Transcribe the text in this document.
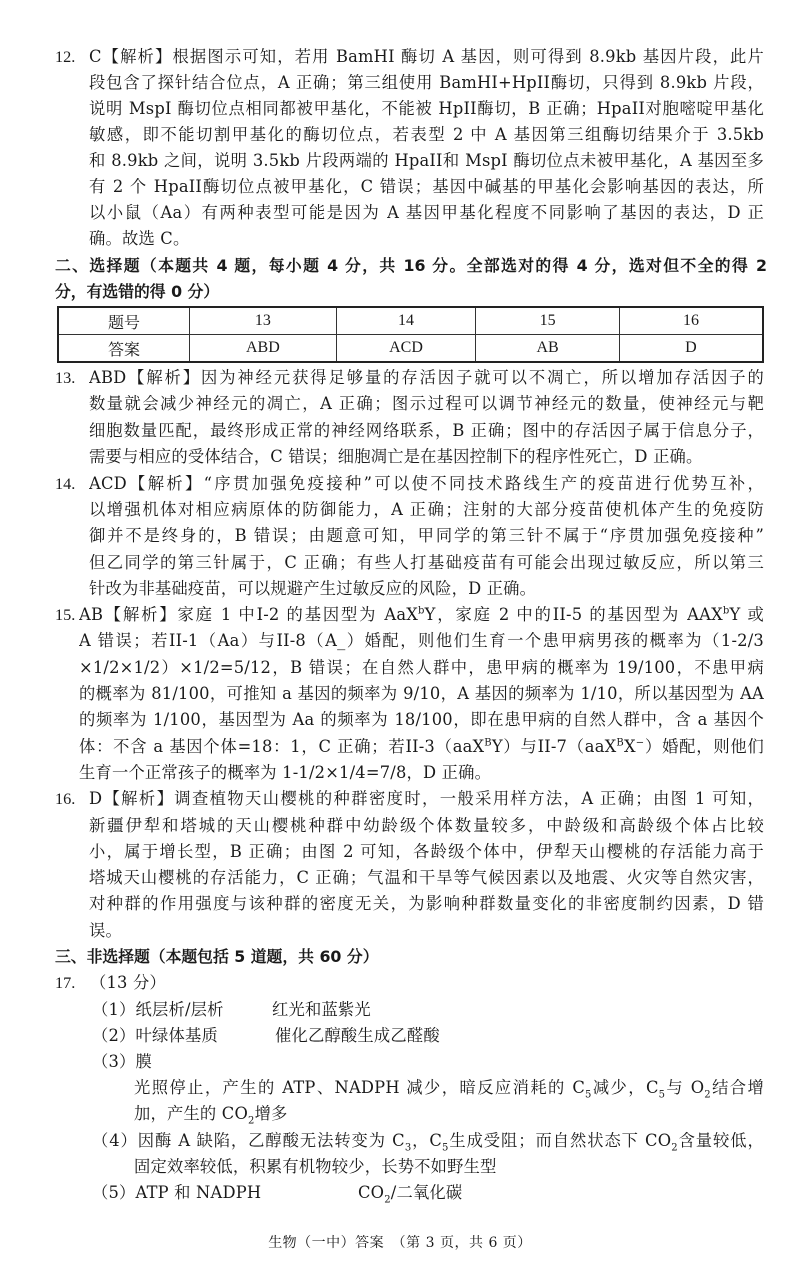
12. C【解析】根据图示可知，若用 BamHI 酶切 A 基因，则可得到 8.9kb 基因片段，此片
段包含了探针结合位点，A 正确；第三组使用 BamHI+HpII酶切，只得到 8.9kb 片段，
说明 MspI 酶切位点相同都被甲基化，不能被 HpII酶切，B 正确；HpaII对胞嘧啶甲基化
敏感，即不能切割甲基化的酶切位点，若表型 2 中 A 基因第三组酶切结果介于 3.5kb
和 8.9kb 之间，说明 3.5kb 片段两端的 HpaII和 MspI 酶切位点未被甲基化，A 基因至多
有 2 个 HpaII酶切位点被甲基化，C 错误；基因中碱基的甲基化会影响基因的表达，所
以小鼠（Aa）有两种表型可能是因为 A 基因甲基化程度不同影响了基因的表达，D 正
确。故选 C。
二、选择题（本题共 4 题，每小题 4 分，共 16 分。全部选对的得 4 分，选对但不全的得 2
分，有选错的得 0 分）
题号	13	14	15	16
答案	ABD	ACD	AB	D
13. ABD【解析】因为神经元获得足够量的存活因子就可以不凋亡，所以增加存活因子的
数量就会减少神经元的凋亡，A 正确；图示过程可以调节神经元的数量，使神经元与靶
细胞数量匹配，最终形成正常的神经网络联系，B 正确；图中的存活因子属于信息分子，
需要与相应的受体结合，C 错误；细胞凋亡是在基因控制下的程序性死亡，D 正确。
14. ACD【解析】“序贯加强免疫接种”可以使不同技术路线生产的疫苗进行优势互补，
以增强机体对相应病原体的防御能力，A 正确；注射的大部分疫苗使机体产生的免疫防
御并不是终身的，B 错误；由题意可知，甲同学的第三针不属于“序贯加强免疫接种”
但乙同学的第三针属于，C 正确；有些人打基础疫苗有可能会出现过敏反应，所以第三
针改为非基础疫苗，可以规避产生过敏反应的风险，D 正确。
15. AB【解析】家庭 1 中I-2 的基因型为 AaX$^b$Y，家庭 2 中的II-5 的基因型为 AAX$^b$Y 或
A 错误；若II-1（Aa）与II-8（A_）婚配，则他们生育一个患甲病男孩的概率为（1-2/3
×1/2×1/2）×1/2=5/12，B 错误；在自然人群中，患甲病的概率为 19/100，不患甲病
的概率为 81/100，可推知 a 基因的频率为 9/10，A 基因的频率为 1/10，所以基因型为 AA
的频率为 1/100，基因型为 Aa 的频率为 18/100，即在患甲病的自然人群中，含 a 基因个
体：不含 a 基因个体=18：1，C 正确；若II-3（aaX$^B$Y）与II-7（aaX$^B$X−）婚配，则他们
生育一个正常孩子的概率为 1-1/2×1/4=7/8，D 正确。
16. D【解析】调查植物天山樱桃的种群密度时，一般采用样方法，A 正确；由图 1 可知，
新疆伊犁和塔城的天山樱桃种群中幼龄级个体数量较多，中龄级和高龄级个体占比较
小，属于增长型，B 正确；由图 2 可知，各龄级个体中，伊犁天山樱桃的存活能力高于
塔城天山樱桃的存活能力，C 正确；气温和干旱等气候因素以及地震、火灾等自然灾害，
对种群的作用强度与该种群的密度无关，为影响种群数量变化的非密度制约因素，D 错
误。
三、非选择题（本题包括 5 道题，共 60 分）
17. （13 分）
（1）纸层析/层析	红光和蓝紫光
（2）叶绿体基质	催化乙醇酸生成乙醛酸
（3）膜
光照停止，产生的 ATP、NADPH 减少，暗反应消耗的 $C_5$减少，$C_5$与 $O_2$结合增
加，产生的 $CO_2$增多
（4）因酶 A 缺陷，乙醇酸无法转变为 $C_3$，$C_5$生成受阻；而自然状态下 $CO_2$含量较低，
固定效率较低，积累有机物较少，长势不如野生型
（5）ATP 和 NADPH	$CO_2/$二氧化碳
生物（一中）答案　（第 3 页，共 6 页）
